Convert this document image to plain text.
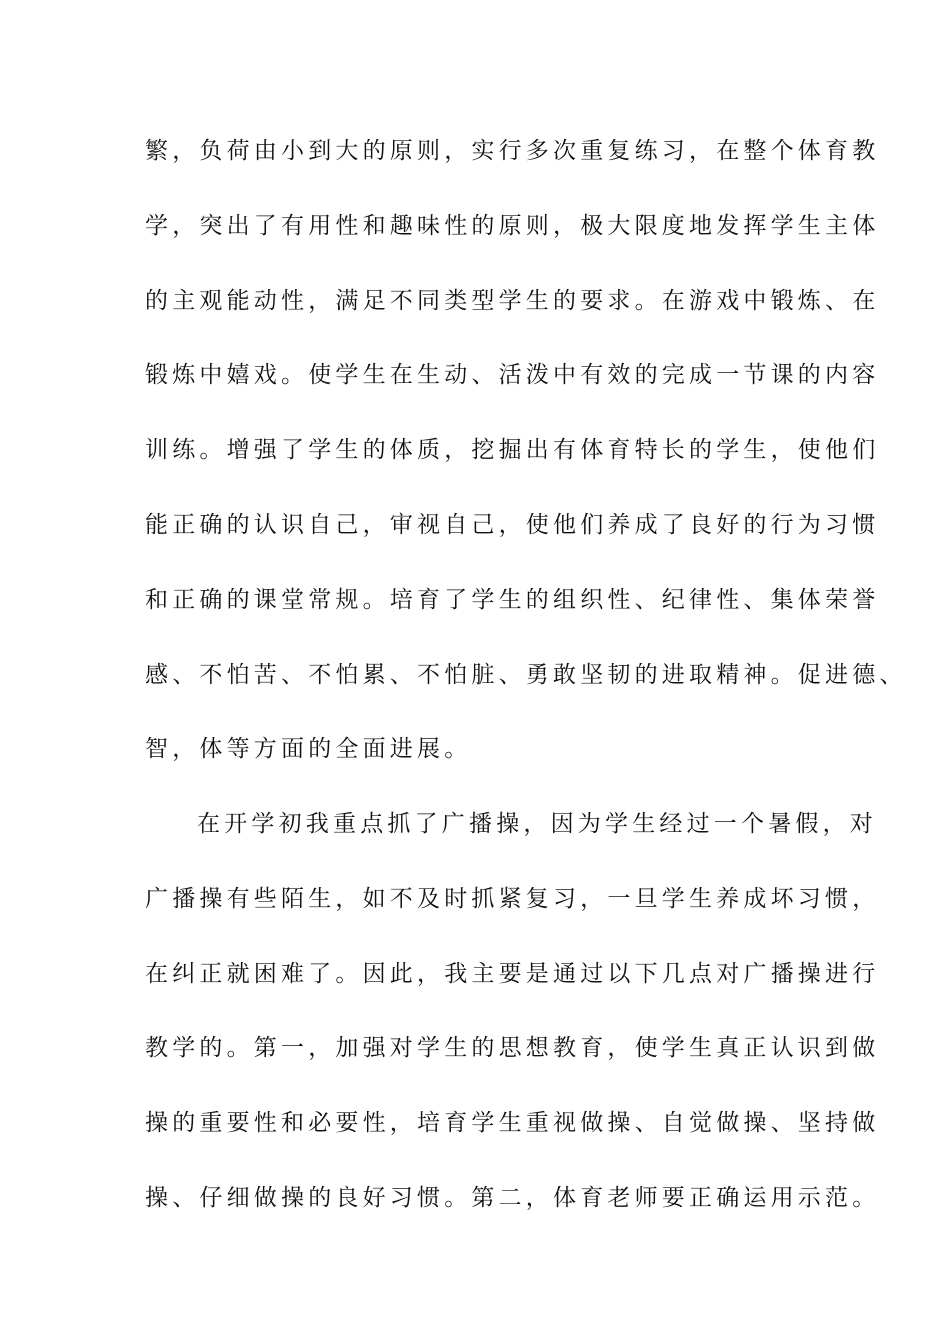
繁，负荷由小到大的原则，实行多次重复练习，在整个体育教
学，突出了有用性和趣味性的原则，极大限度地发挥学生主体
的主观能动性，满足不同类型学生的要求。在游戏中锻炼、在
锻炼中嬉戏。使学生在生动、活泼中有效的完成一节课的内容
训练。增强了学生的体质，挖掘出有体育特长的学生，使他们
能正确的认识自己，审视自己，使他们养成了良好的行为习惯
和正确的课堂常规。培育了学生的组织性、纪律性、集体荣誉
感、不怕苦、不怕累、不怕脏、勇敢坚韧的进取精神。促进德、
智，体等方面的全面进展。
在开学初我重点抓了广播操，因为学生经过一个暑假，对
广播操有些陌生，如不及时抓紧复习，一旦学生养成坏习惯，
在纠正就困难了。因此，我主要是通过以下几点对广播操进行
教学的。第一，加强对学生的思想教育，使学生真正认识到做
操的重要性和必要性，培育学生重视做操、自觉做操、坚持做
操、仔细做操的良好习惯。第二，体育老师要正确运用示范。
